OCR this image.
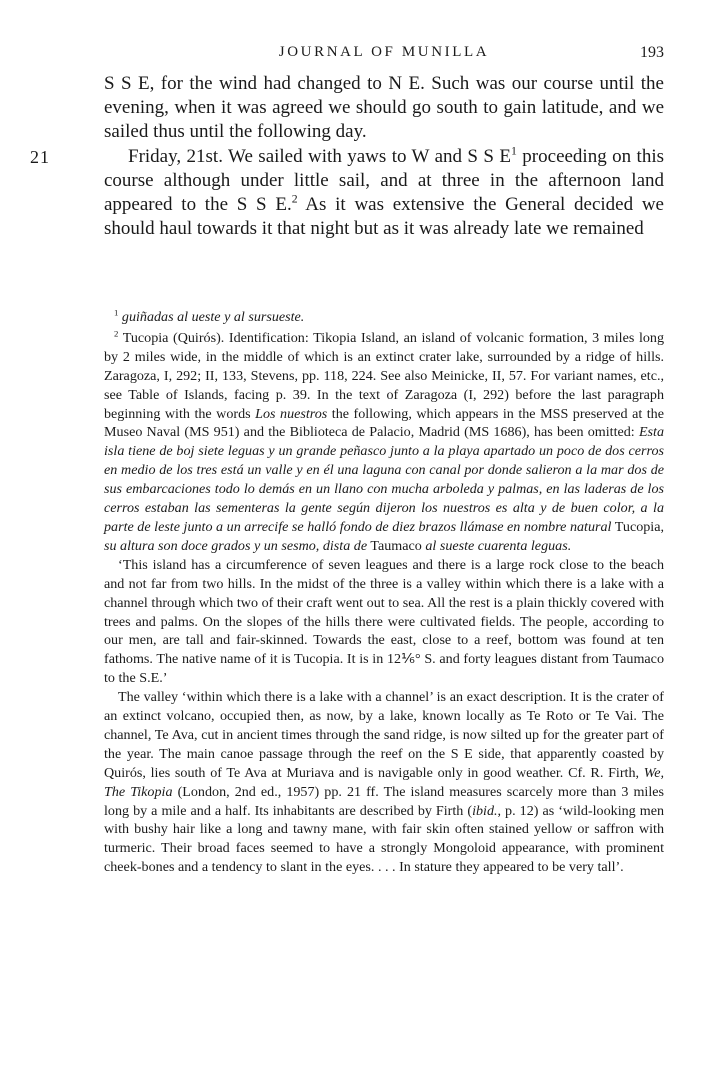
JOURNAL OF MUNILLA	193

S S E, for the wind had changed to N E. Such was our course until the evening, when it was agreed we should go south to gain latitude, and we sailed thus until the following day.

21	Friday, 21st. We sailed with yaws to W and S S $E^1$ proceeding on this course although under little sail, and at three in the afternoon land appeared to the S S E.$^2$ As it was extensive the General decided we should haul towards it that night but as it was already late we remained

$^1$ guiñadas al ueste y al sursueste.

$^2$ Tucopia (Quirós). Identification: Tikopia Island, an island of volcanic formation, 3 miles long by 2 miles wide, in the middle of which is an extinct crater lake, surrounded by a ridge of hills. Zaragoza, I, 292; II, 133, Stevens, pp. 118, 224. See also Meinicke, II, 57. For variant names, etc., see Table of Islands, facing p. 39. In the text of Zaragoza (I, 292) before the last paragraph beginning with the words Los nuestros the following, which appears in the MSS preserved at the Museo Naval (MS 951) and the Biblioteca de Palacio, Madrid (MS 1686), has been omitted: Esta isla tiene de boj siete leguas y un grande peñasco junto a la playa apartado un poco de dos cerros en medio de los tres está un valle y en él una laguna con canal por donde salieron a la mar dos de sus embarcaciones todo lo demás en un llano con mucha arboleda y palmas, en las laderas de los cerros estaban las sementeras la gente según dijeron los nuestros es alta y de buen color, a la parte de leste junto a un arrecife se halló fondo de diez brazos llámase en nombre natural Tucopia, su altura son doce grados y un sesmo, dista de Taumaco al sueste cuarenta leguas.

‘This island has a circumference of seven leagues and there is a large rock close to the beach and not far from two hills. In the midst of the three is a valley within which there is a lake with a channel through which two of their craft went out to sea. All the rest is a plain thickly covered with trees and palms. On the slopes of the hills there were cultivated fields. The people, according to our men, are tall and fair-skinned. Towards the east, close to a reef, bottom was found at ten fathoms. The native name of it is Tucopia. It is in 12⅙° S. and forty leagues distant from Taumaco to the S.E.’

The valley ‘within which there is a lake with a channel’ is an exact description. It is the crater of an extinct volcano, occupied then, as now, by a lake, known locally as Te Roto or Te Vai. The channel, Te Ava, cut in ancient times through the sand ridge, is now silted up for the greater part of the year. The main canoe passage through the reef on the S E side, that apparently coasted by Quirós, lies south of Te Ava at Muriava and is navigable only in good weather. Cf. R. Firth, We, The Tikopia (London, 2nd ed., 1957) pp. 21 ff. The island measures scarcely more than 3 miles long by a mile and a half. Its inhabitants are described by Firth (ibid., p. 12) as ‘wild-looking men with bushy hair like a long and tawny mane, with fair skin often stained yellow or saffron with turmeric. Their broad faces seemed to have a strongly Mongoloid appearance, with prominent cheek-bones and a tendency to slant in the eyes. . . . In stature they appeared to be very tall’.
